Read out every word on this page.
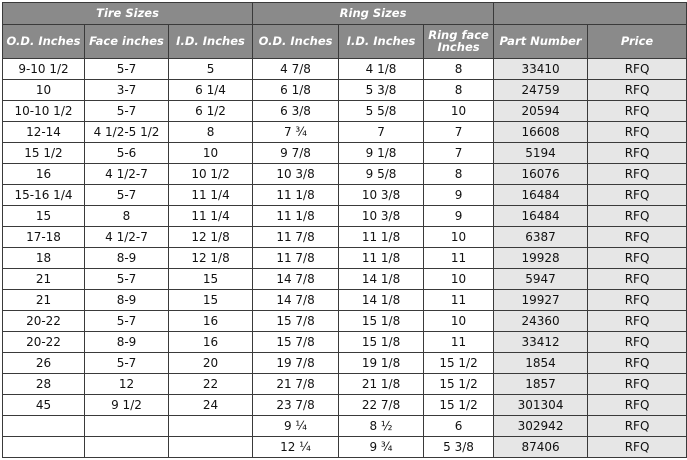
Tire Sizes			Ring Sizes				
O.D. Inches	Face inches	I.D. Inches	O.D. Inches	I.D. Inches	Ring face Inches	Part Number	Price
9-10 1/2	5-7	5	4 7/8	4 1/8	8	33410	RFQ
10	3-7	6 1/4	6 1/8	5 3/8	8	24759	RFQ
10-10 1/2	5-7	6 1/2	6 3/8	5 5/8	10	20594	RFQ
12-14	4 1/2-5 1/2	8	7 ¾	7	7	16608	RFQ
15 1/2	5-6	10	9 7/8	9 1/8	7	5194	RFQ
16	4 1/2-7	10 1/2	10 3/8	9 5/8	8	16076	RFQ
15-16 1/4	5-7	11 1/4	11 1/8	10 3/8	9	16484	RFQ
15	8	11 1/4	11 1/8	10 3/8	9	16484	RFQ
17-18	4 1/2-7	12 1/8	11 7/8	11 1/8	10	6387	RFQ
18	8-9	12 1/8	11 7/8	11 1/8	11	19928	RFQ
21	5-7	15	14 7/8	14 1/8	10	5947	RFQ
21	8-9	15	14 7/8	14 1/8	11	19927	RFQ
20-22	5-7	16	15 7/8	15 1/8	10	24360	RFQ
20-22	8-9	16	15 7/8	15 1/8	11	33412	RFQ
26	5-7	20	19 7/8	19 1/8	15 1/2	1854	RFQ
28	12	22	21 7/8	21 1/8	15 1/2	1857	RFQ
45	9 1/2	24	23 7/8	22 7/8	15 1/2	301304	RFQ
			9 ¼	8 ½	6	302942	RFQ
			12 ¼	9 ¾	5 3/8	87406	RFQ
